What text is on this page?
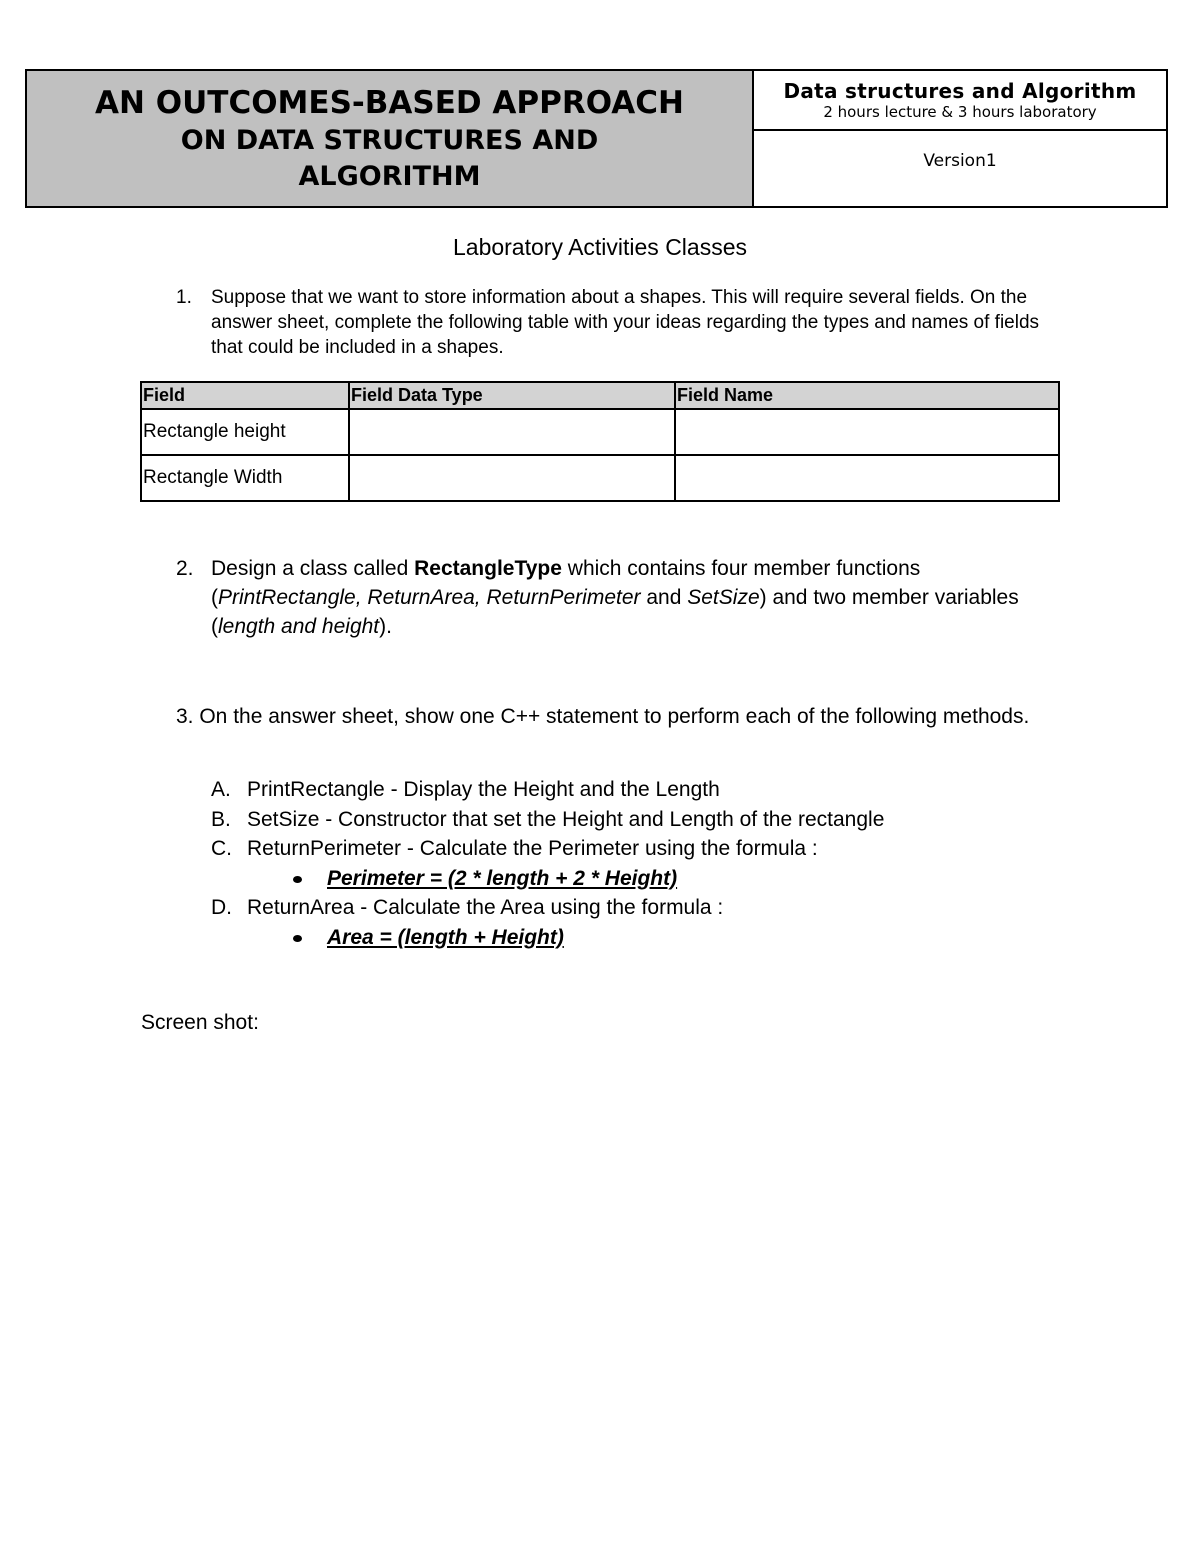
AN OUTCOMES-BASED APPROACH
ON DATA STRUCTURES AND
ALGORITHM
Data structures and Algorithm
2 hours lecture & 3 hours laboratory
Version1
Laboratory Activities Classes
1. Suppose that we want to store information about a shapes. This will require several fields. On the answer sheet, complete the following table with your ideas regarding the types and names of fields that could be included in a shapes.
Field	Field Data Type	Field Name
Rectangle height		
Rectangle Width		
2. Design a class called RectangleType which contains four member functions (PrintRectangle, ReturnArea, ReturnPerimeter and SetSize) and two member variables (length and height).
3. On the answer sheet, show one C++ statement to perform each of the following methods.
A. PrintRectangle - Display the Height and the Length
B. SetSize - Constructor that set the Height and Length of the rectangle
C. ReturnPerimeter - Calculate the Perimeter using the formula :
Perimeter = (2 * length + 2 * Height)
D. ReturnArea - Calculate the Area using the formula :
Area = (length + Height)
Screen shot:
